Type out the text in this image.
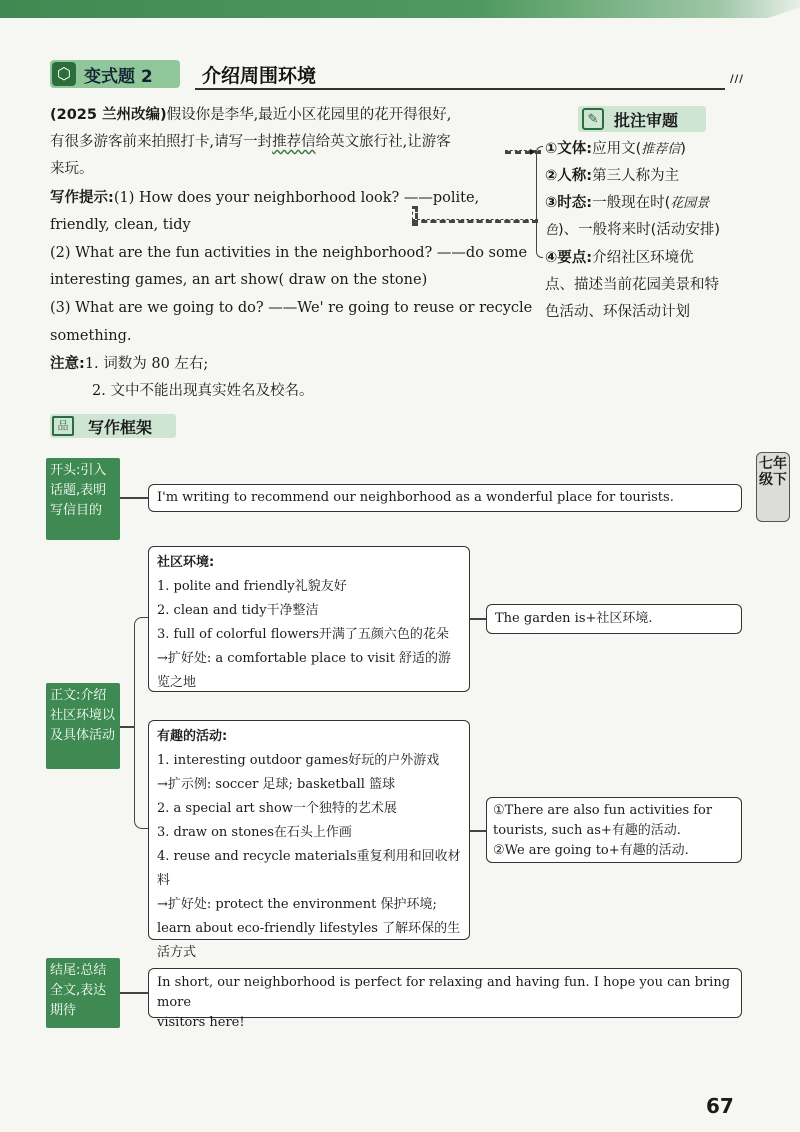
⬡ 变式题 2	介绍周围环境	///
(2025 兰州改编)假设你是李华,最近小区花园里的花开得很好,
有很多游客前来拍照打卡,请写一封推荐信给英文旅行社,让游客
来玩。
写作提示:(1) How does your neighborhood look? ——polite,
friendly, clean, tidy
(2) What are the fun activities in the neighborhood? ——do some
interesting games, an art show( draw on the stone)
(3) What are we going to do? ——We' re going to reuse or recycle
something.
注意:1. 词数为 80 左右;
2. 文中不能出现真实姓名及校名。
✎ 批注审题
▸ ①文体:应用文(推荐信)
②人称:第三人称为主
③时态:一般现在时(花园景
色)、一般将来时(活动安排)
④要点:介绍社区环境优
点、描述当前花园美景和特
色活动、环保活动计划
品	写作框架
七年级下
开头:引入话题,表明写信目的
I'm writing to recommend our neighborhood as a wonderful place for tourists.
正文:介绍社区环境以及具体活动
社区环境:
1. polite and friendly礼貌友好
2. clean and tidy干净整洁
3. full of colorful flowers开满了五颜六色的花朵
→扩好处: a comfortable place to visit 舒适的游
览之地
The garden is+社区环境.
有趣的活动:
1. interesting outdoor games好玩的户外游戏
→扩示例: soccer 足球; basketball 篮球
2. a special art show一个独特的艺术展
3. draw on stones在石头上作画
4. reuse and recycle materials重复利用和回收材料
→扩好处: protect the environment 保护环境;
learn about eco-friendly lifestyles 了解环保的生
活方式
①There are also fun activities for
tourists, such as+有趣的活动.
②We are going to+有趣的活动.
结尾:总结全文,表达期待
In short, our neighborhood is perfect for relaxing and having fun. I hope you can bring more
visitors here!
67
